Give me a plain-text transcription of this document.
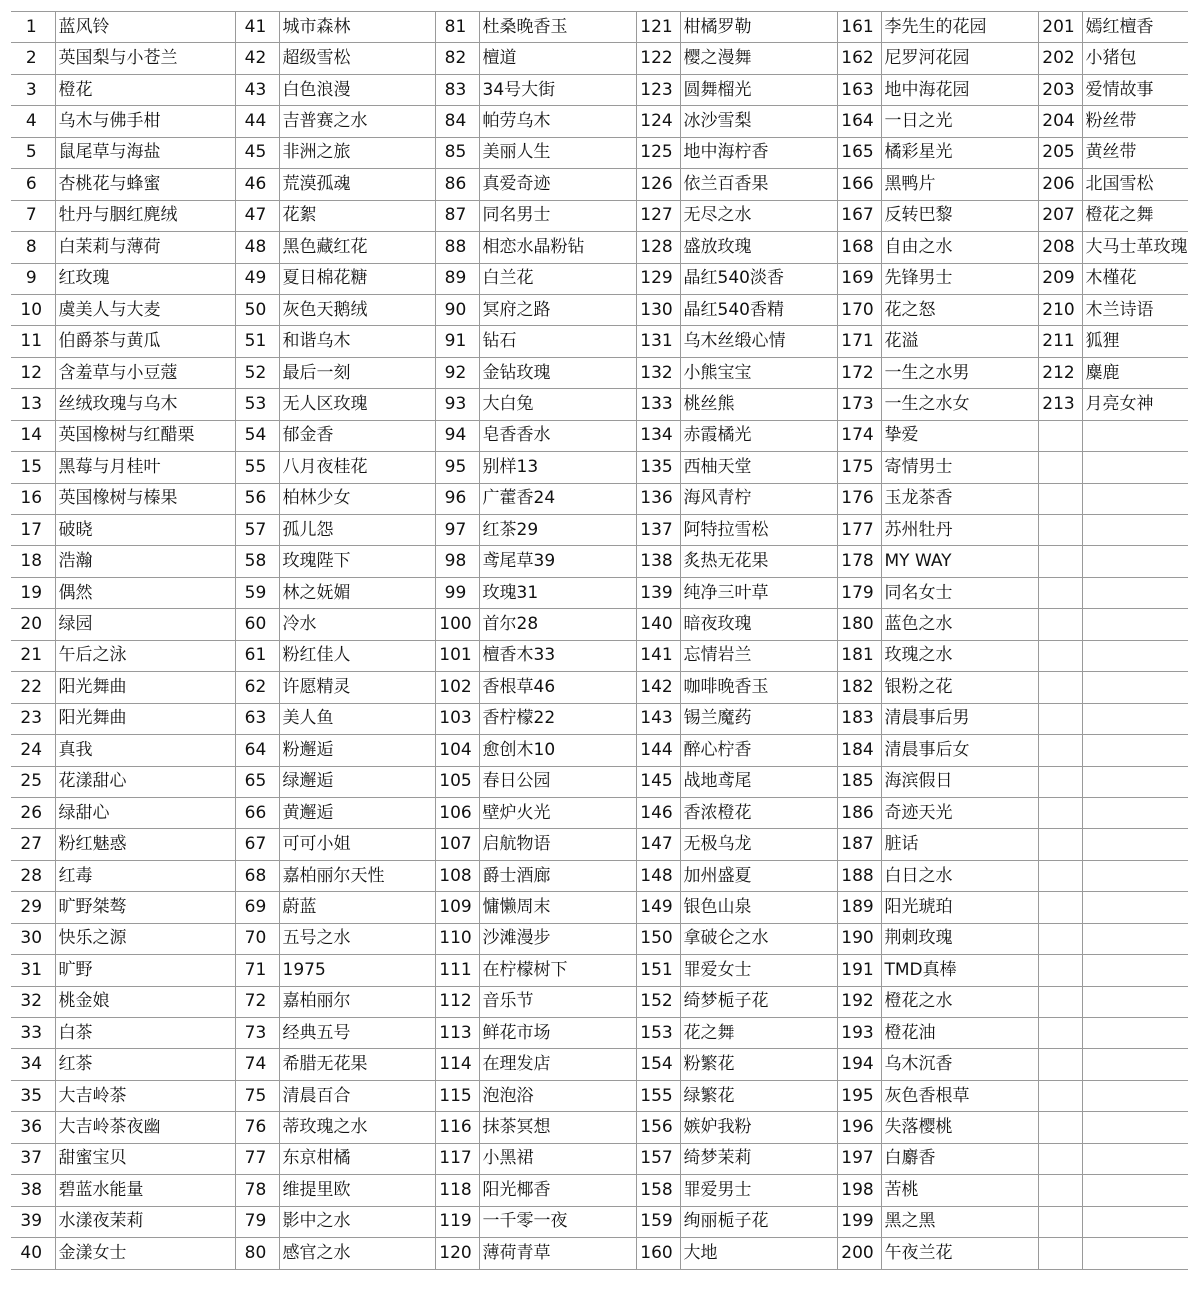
1	蓝风铃	41	城市森林	81	杜桑晚香玉	121	柑橘罗勒	161	李先生的花园	201	嫣红檀香
2	英国梨与小苍兰	42	超级雪松	82	檀道	122	樱之漫舞	162	尼罗河花园	202	小猪包
3	橙花	43	白色浪漫	83	34号大街	123	圆舞榴光	163	地中海花园	203	爱情故事
4	乌木与佛手柑	44	吉普赛之水	84	帕劳乌木	124	冰沙雪梨	164	一日之光	204	粉丝带
5	鼠尾草与海盐	45	非洲之旅	85	美丽人生	125	地中海柠香	165	橘彩星光	205	黄丝带
6	杏桃花与蜂蜜	46	荒漠孤魂	86	真爱奇迹	126	依兰百香果	166	黑鸭片	206	北国雪松
7	牡丹与胭红麂绒	47	花絮	87	同名男士	127	无尽之水	167	反转巴黎	207	橙花之舞
8	白茉莉与薄荷	48	黑色藏红花	88	相恋水晶粉钻	128	盛放玫瑰	168	自由之水	208	大马士革玫瑰
9	红玫瑰	49	夏日棉花糖	89	白兰花	129	晶红540淡香	169	先锋男士	209	木槿花
10	虞美人与大麦	50	灰色天鹅绒	90	冥府之路	130	晶红540香精	170	花之怒	210	木兰诗语
11	伯爵茶与黄瓜	51	和谐乌木	91	钻石	131	乌木丝缎心情	171	花溢	211	狐狸
12	含羞草与小豆蔻	52	最后一刻	92	金钻玫瑰	132	小熊宝宝	172	一生之水男	212	麋鹿
13	丝绒玫瑰与乌木	53	无人区玫瑰	93	大白兔	133	桃丝熊	173	一生之水女	213	月亮女神
14	英国橡树与红醋栗	54	郁金香	94	皂香香水	134	赤霞橘光	174	挚爱		
15	黑莓与月桂叶	55	八月夜桂花	95	别样13	135	西柚天堂	175	寄情男士		
16	英国橡树与榛果	56	柏林少女	96	广藿香24	136	海风青柠	176	玉龙茶香		
17	破晓	57	孤儿怨	97	红茶29	137	阿特拉雪松	177	苏州牡丹		
18	浩瀚	58	玫瑰陛下	98	鸢尾草39	138	炙热无花果	178	MY WAY		
19	偶然	59	林之妩媚	99	玫瑰31	139	纯净三叶草	179	同名女士		
20	绿园	60	冷水	100	首尔28	140	暗夜玫瑰	180	蓝色之水		
21	午后之泳	61	粉红佳人	101	檀香木33	141	忘情岩兰	181	玫瑰之水		
22	阳光舞曲	62	许愿精灵	102	香根草46	142	咖啡晚香玉	182	银粉之花		
23	阳光舞曲	63	美人鱼	103	香柠檬22	143	锡兰魔药	183	清晨事后男		
24	真我	64	粉邂逅	104	愈创木10	144	醉心柠香	184	清晨事后女		
25	花漾甜心	65	绿邂逅	105	春日公园	145	战地鸢尾	185	海滨假日		
26	绿甜心	66	黄邂逅	106	壁炉火光	146	香浓橙花	186	奇迹天光		
27	粉红魅惑	67	可可小姐	107	启航物语	147	无极乌龙	187	脏话		
28	红毒	68	嘉柏丽尔天性	108	爵士酒廊	148	加州盛夏	188	白日之水		
29	旷野桀骜	69	蔚蓝	109	慵懒周末	149	银色山泉	189	阳光琥珀		
30	快乐之源	70	五号之水	110	沙滩漫步	150	拿破仑之水	190	荆刺玫瑰		
31	旷野	71	1975	111	在柠檬树下	151	罪爱女士	191	TMD真棒		
32	桃金娘	72	嘉柏丽尔	112	音乐节	152	绮梦栀子花	192	橙花之水		
33	白茶	73	经典五号	113	鲜花市场	153	花之舞	193	橙花油		
34	红茶	74	希腊无花果	114	在理发店	154	粉繁花	194	乌木沉香		
35	大吉岭茶	75	清晨百合	115	泡泡浴	155	绿繁花	195	灰色香根草		
36	大吉岭茶夜幽	76	蒂玫瑰之水	116	抹茶冥想	156	嫉妒我粉	196	失落樱桃		
37	甜蜜宝贝	77	东京柑橘	117	小黑裙	157	绮梦茉莉	197	白麝香		
38	碧蓝水能量	78	维提里欧	118	阳光椰香	158	罪爱男士	198	苦桃		
39	水漾夜茉莉	79	影中之水	119	一千零一夜	159	绚丽栀子花	199	黑之黑		
40	金漾女士	80	感官之水	120	薄荷青草	160	大地	200	午夜兰花		
